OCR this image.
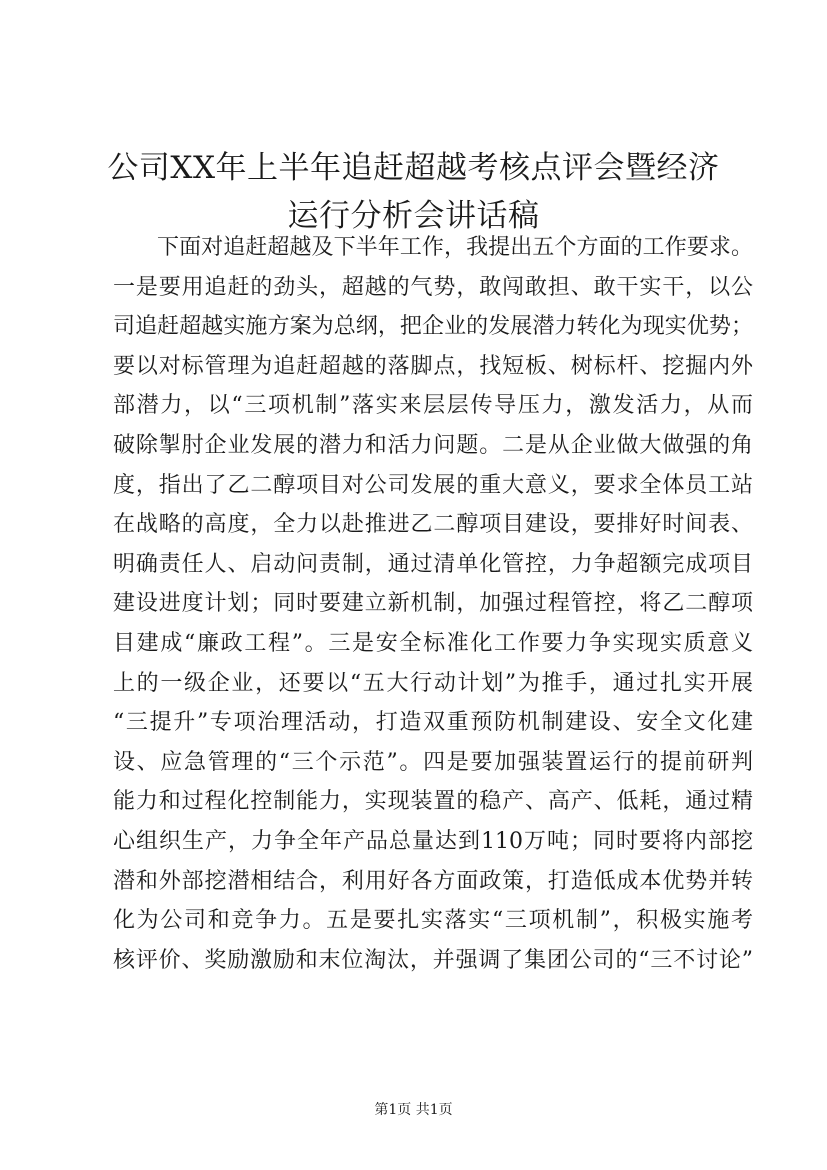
公司XX年上半年追赶超越考核点评会暨经济
运行分析会讲话稿
下面对追赶超越及下半年工作，我提出五个方面的工作要求。
一是要用追赶的劲头，超越的气势，敢闯敢担、敢干实干，以公
司追赶超越实施方案为总纲，把企业的发展潜力转化为现实优势；
要以对标管理为追赶超越的落脚点，找短板、树标杆、挖掘内外
部潜力，以“三项机制”落实来层层传导压力，激发活力，从而
破除掣肘企业发展的潜力和活力问题。二是从企业做大做强的角
度，指出了乙二醇项目对公司发展的重大意义，要求全体员工站
在战略的高度，全力以赴推进乙二醇项目建设，要排好时间表、
明确责任人、启动问责制，通过清单化管控，力争超额完成项目
建设进度计划；同时要建立新机制，加强过程管控，将乙二醇项
目建成“廉政工程”。三是安全标准化工作要力争实现实质意义
上的一级企业，还要以“五大行动计划”为推手，通过扎实开展
“三提升”专项治理活动，打造双重预防机制建设、安全文化建
设、应急管理的“三个示范”。四是要加强装置运行的提前研判
能力和过程化控制能力，实现装置的稳产、高产、低耗，通过精
心组织生产，力争全年产品总量达到110万吨；同时要将内部挖
潜和外部挖潜相结合，利用好各方面政策，打造低成本优势并转
化为公司和竞争力。五是要扎实落实“三项机制”，积极实施考
核评价、奖励激励和末位淘汰，并强调了集团公司的“三不讨论”
第1页 共1页
